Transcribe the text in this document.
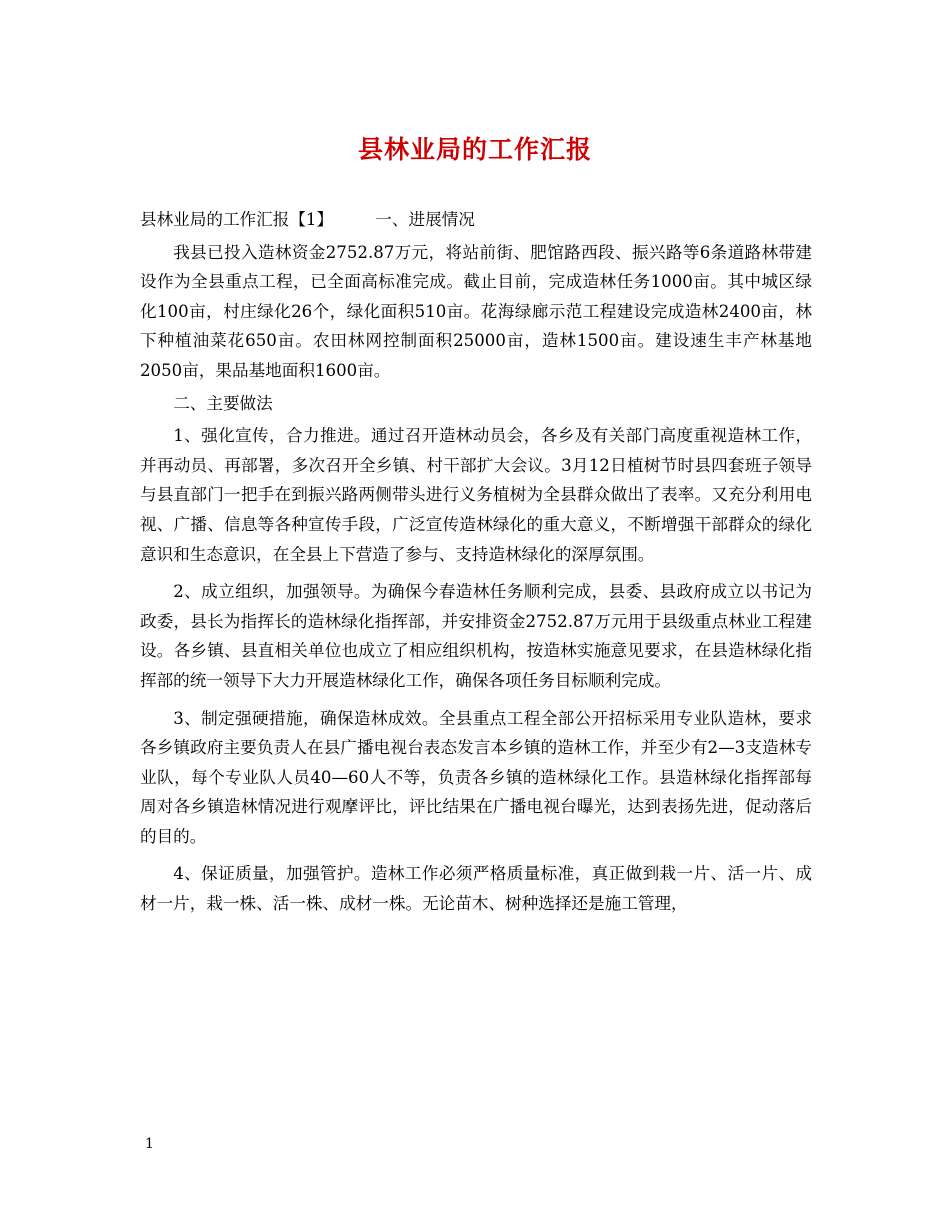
县林业局的工作汇报

县林业局的工作汇报【1】	一、进展情况

我县已投入造林资金2752.87万元，将站前街、肥馆路西段、振兴路等6条道路林带建设作为全县重点工程，已全面高标准完成。截止目前，完成造林任务1000亩。其中城区绿化100亩，村庄绿化26个，绿化面积510亩。花海绿廊示范工程建设完成造林2400亩，林下种植油菜花650亩。农田林网控制面积25000亩，造林1500亩。建设速生丰产林基地2050亩，果品基地面积1600亩。

二、主要做法

1、强化宣传，合力推进。通过召开造林动员会，各乡及有关部门高度重视造林工作，并再动员、再部署，多次召开全乡镇、村干部扩大会议。3月12日植树节时县四套班子领导与县直部门一把手在到振兴路两侧带头进行义务植树为全县群众做出了表率。又充分利用电视、广播、信息等各种宣传手段，广泛宣传造林绿化的重大意义，不断增强干部群众的绿化意识和生态意识，在全县上下营造了参与、支持造林绿化的深厚氛围。

2、成立组织，加强领导。为确保今春造林任务顺利完成，县委、县政府成立以书记为政委，县长为指挥长的造林绿化指挥部，并安排资金2752.87万元用于县级重点林业工程建设。各乡镇、县直相关单位也成立了相应组织机构，按造林实施意见要求，在县造林绿化指挥部的统一领导下大力开展造林绿化工作，确保各项任务目标顺利完成。

3、制定强硬措施，确保造林成效。全县重点工程全部公开招标采用专业队造林，要求各乡镇政府主要负责人在县广播电视台表态发言本乡镇的造林工作，并至少有2—3支造林专业队，每个专业队人员40—60人不等，负责各乡镇的造林绿化工作。县造林绿化指挥部每周对各乡镇造林情况进行观摩评比，评比结果在广播电视台曝光，达到表扬先进，促动落后的目的。

4、保证质量，加强管护。造林工作必须严格质量标准，真正做到栽一片、活一片、成材一片，栽一株、活一株、成材一株。无论苗木、树种选择还是施工管理，

1
